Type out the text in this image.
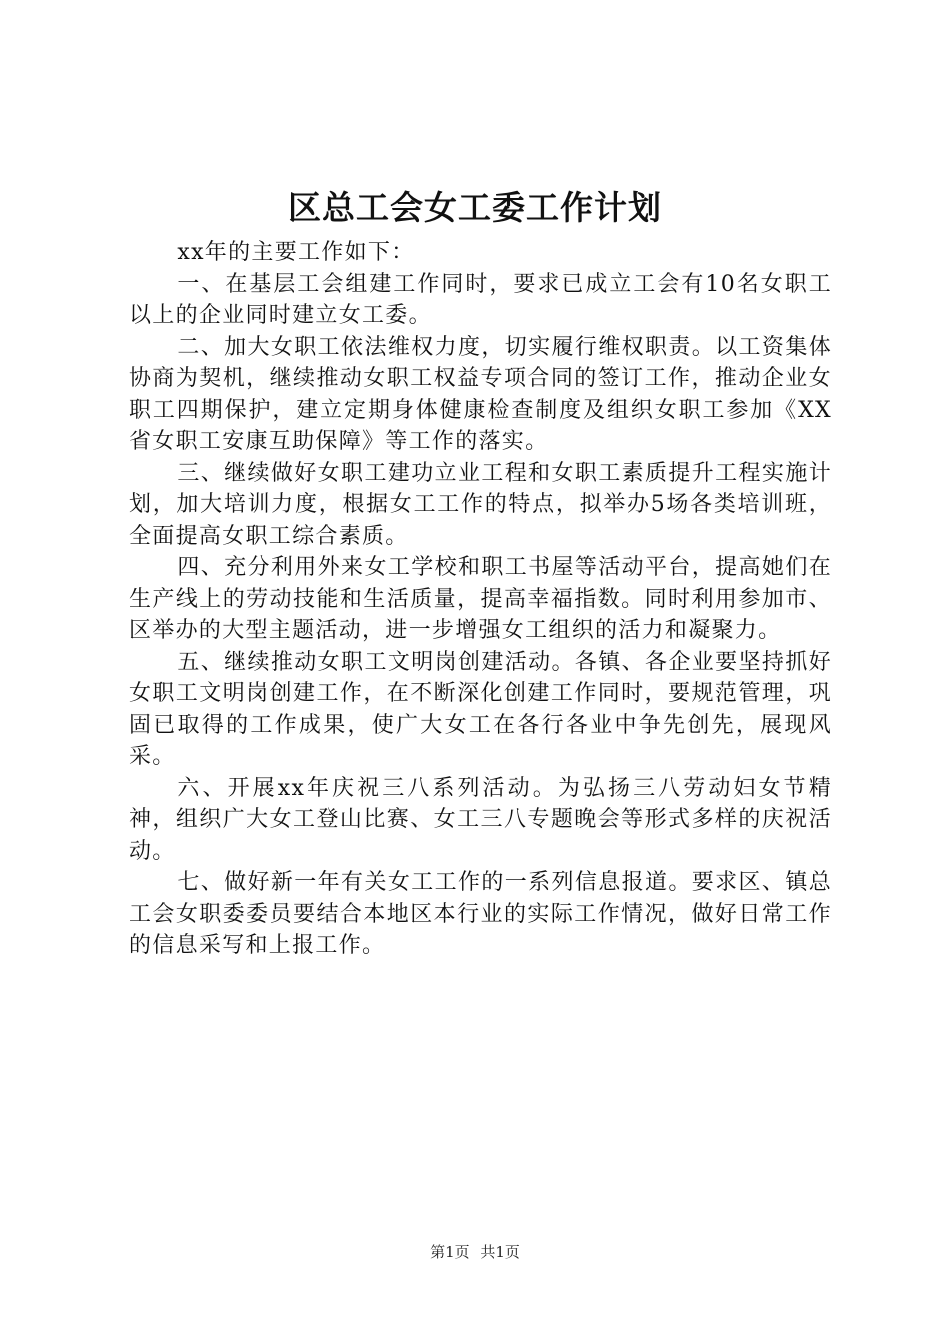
区总工会女工委工作计划

xx年的主要工作如下：

一、在基层工会组建工作同时，要求已成立工会有10名女职工以上的企业同时建立女工委。

二、加大女职工依法维权力度，切实履行维权职责。以工资集体协商为契机，继续推动女职工权益专项合同的签订工作，推动企业女职工四期保护，建立定期身体健康检查制度及组织女职工参加《XX省女职工安康互助保障》等工作的落实。

三、继续做好女职工建功立业工程和女职工素质提升工程实施计划，加大培训力度，根据女工工作的特点，拟举办5场各类培训班，全面提高女职工综合素质。

四、充分利用外来女工学校和职工书屋等活动平台，提高她们在生产线上的劳动技能和生活质量，提高幸福指数。同时利用参加市、区举办的大型主题活动，进一步增强女工组织的活力和凝聚力。

五、继续推动女职工文明岗创建活动。各镇、各企业要坚持抓好女职工文明岗创建工作，在不断深化创建工作同时，要规范管理，巩固已取得的工作成果，使广大女工在各行各业中争先创先，展现风采。

六、开展xx年庆祝三八系列活动。为弘扬三八劳动妇女节精神，组织广大女工登山比赛、女工三八专题晚会等形式多样的庆祝活动。

七、做好新一年有关女工工作的一系列信息报道。要求区、镇总工会女职委委员要结合本地区本行业的实际工作情况，做好日常工作的信息采写和上报工作。

第1页 共1页
